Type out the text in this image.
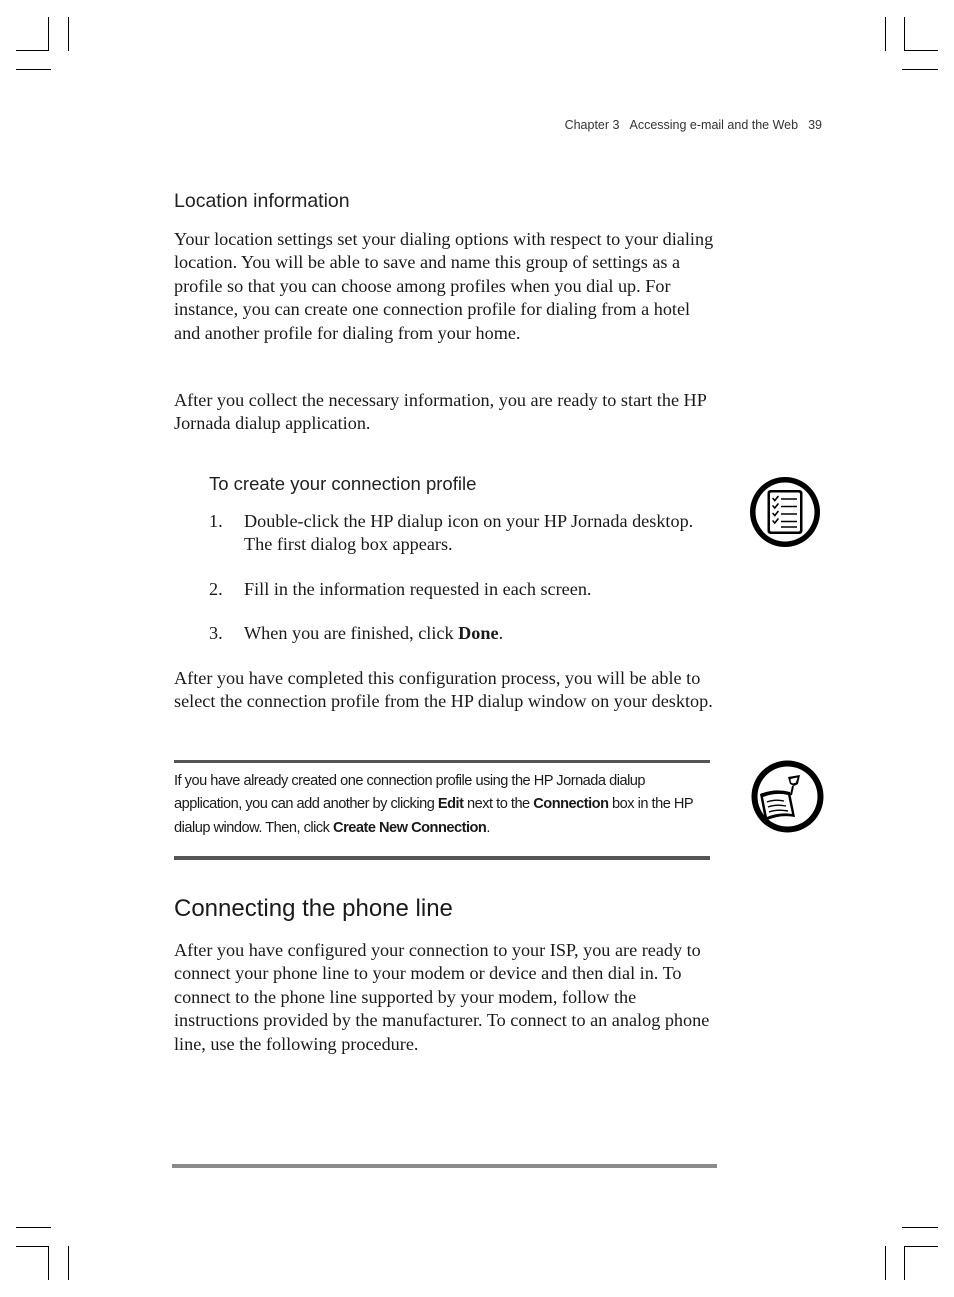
Chapter 3 Accessing e-mail and the Web 39
Location information

Your location settings set your dialing options with respect to your dialing location. You will be able to save and name this group of settings as a profile so that you can choose among profiles when you dial up. For instance, you can create one connection profile for dialing from a hotel and another profile for dialing from your home.

After you collect the necessary information, you are ready to start the HP Jornada dialup application.

To create your connection profile
1. Double-click the HP dialup icon on your HP Jornada desktop. The first dialog box appears.
2. Fill in the information requested in each screen.
3. When you are finished, click Done.

After you have completed this configuration process, you will be able to select the connection profile from the HP dialup window on your desktop.

If you have already created one connection profile using the HP Jornada dialup application, you can add another by clicking Edit next to the Connection box in the HP dialup window. Then, click Create New Connection.
Connecting the phone line

After you have configured your connection to your ISP, you are ready to connect your phone line to your modem or device and then dial in. To connect to the phone line supported by your modem, follow the instructions provided by the manufacturer. To connect to an analog phone line, use the following procedure.
